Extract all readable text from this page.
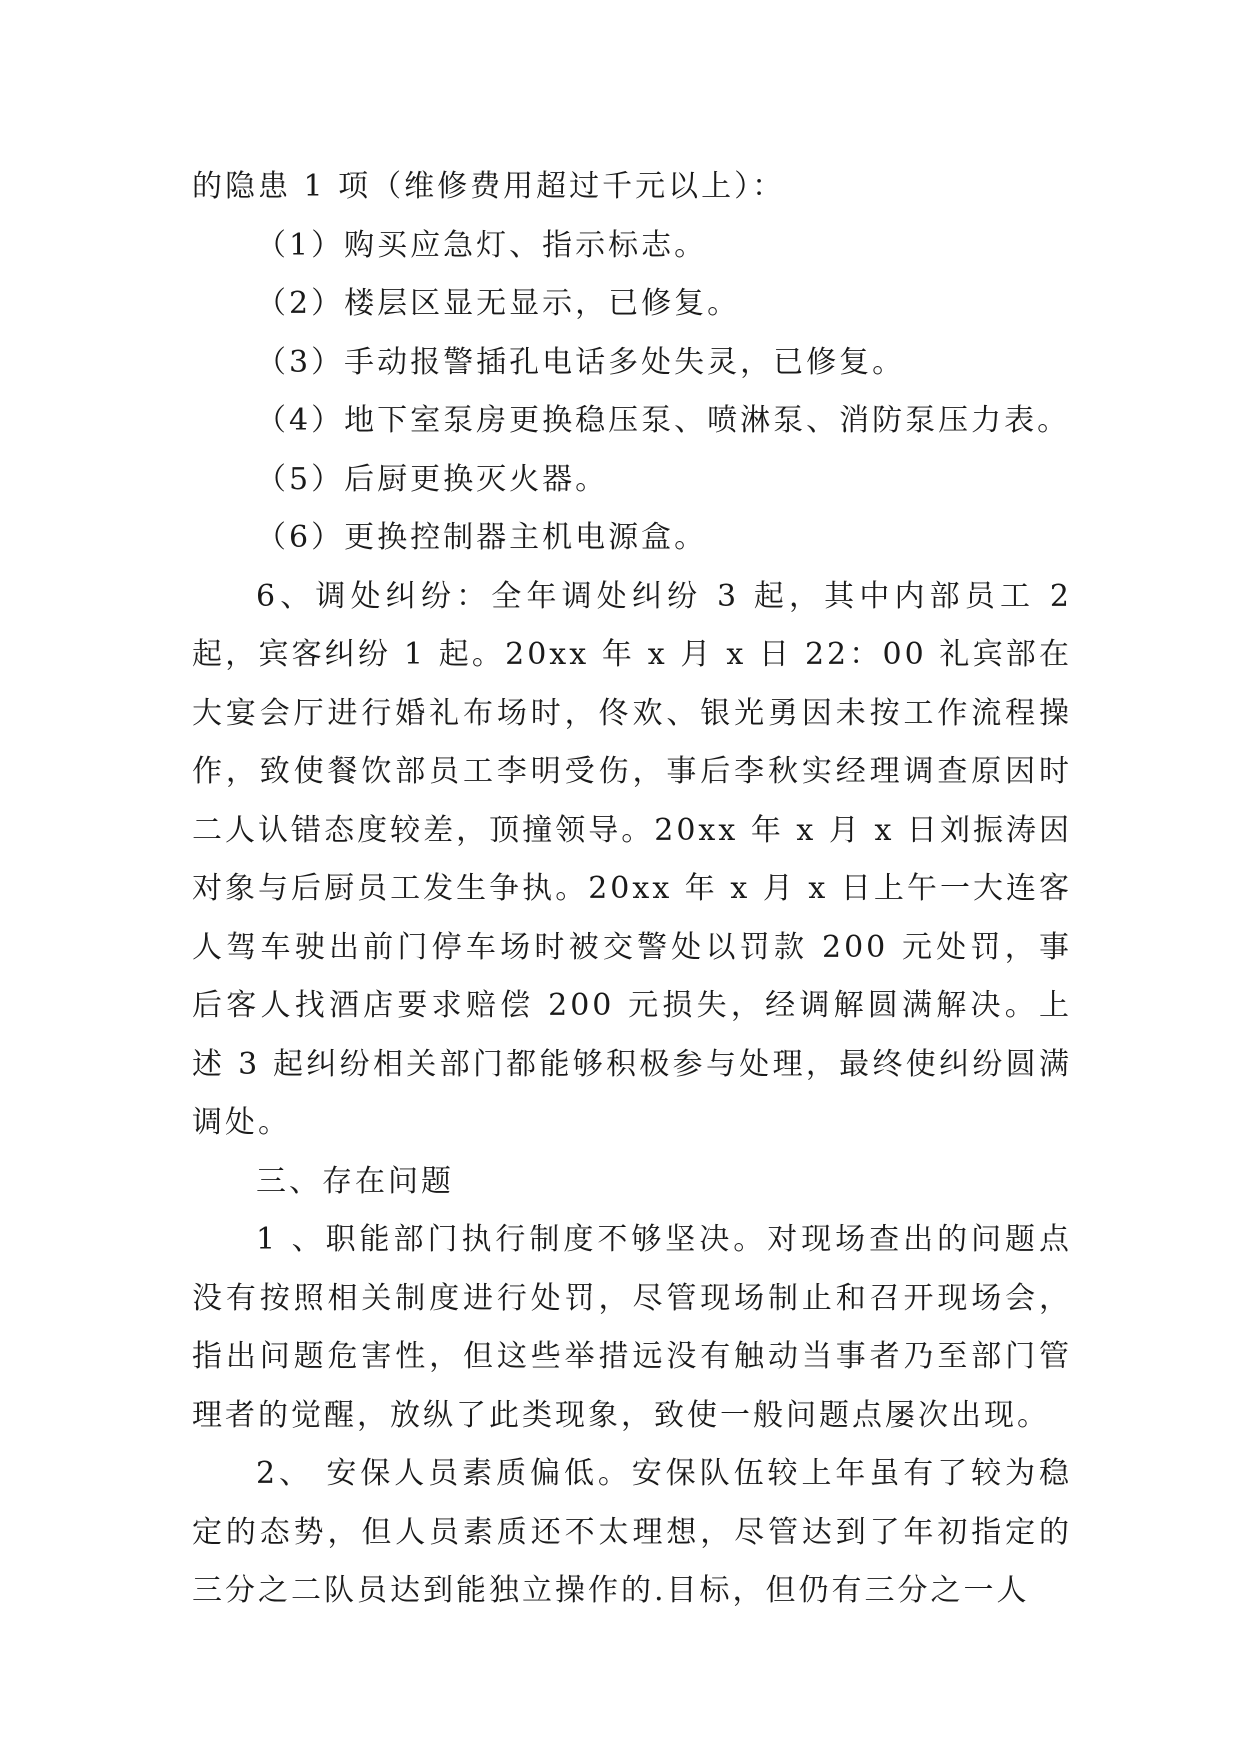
的隐患 1 项（维修费用超过千元以上）：

（1）购买应急灯、指示标志。

（2）楼层区显无显示，已修复。

（3）手动报警插孔电话多处失灵，已修复。

（4）地下室泵房更换稳压泵、喷淋泵、消防泵压力表。

（5）后厨更换灭火器。

（6）更换控制器主机电源盒。

6、调处纠纷：全年调处纠纷 3 起，其中内部员工 2 起，宾客纠纷 1 起。20xx 年 x 月 x 日 22：00 礼宾部在大宴会厅进行婚礼布场时，佟欢、银光勇因未按工作流程操作，致使餐饮部员工李明受伤，事后李秋实经理调查原因时二人认错态度较差，顶撞领导。20xx 年 x 月 x 日刘振涛因对象与后厨员工发生争执。20xx 年 x 月 x 日上午一大连客人驾车驶出前门停车场时被交警处以罚款 200 元处罚，事后客人找酒店要求赔偿 200 元损失，经调解圆满解决。上述 3 起纠纷相关部门都能够积极参与处理，最终使纠纷圆满调处。

三、存在问题

1 、职能部门执行制度不够坚决。对现场查出的问题点没有按照相关制度进行处罚，尽管现场制止和召开现场会，指出问题危害性，但这些举措远没有触动当事者乃至部门管理者的觉醒，放纵了此类现象，致使一般问题点屡次出现。

2、 安保人员素质偏低。安保队伍较上年虽有了较为稳定的态势，但人员素质还不太理想，尽管达到了年初指定的三分之二队员达到能独立操作的.目标，但仍有三分之一人
